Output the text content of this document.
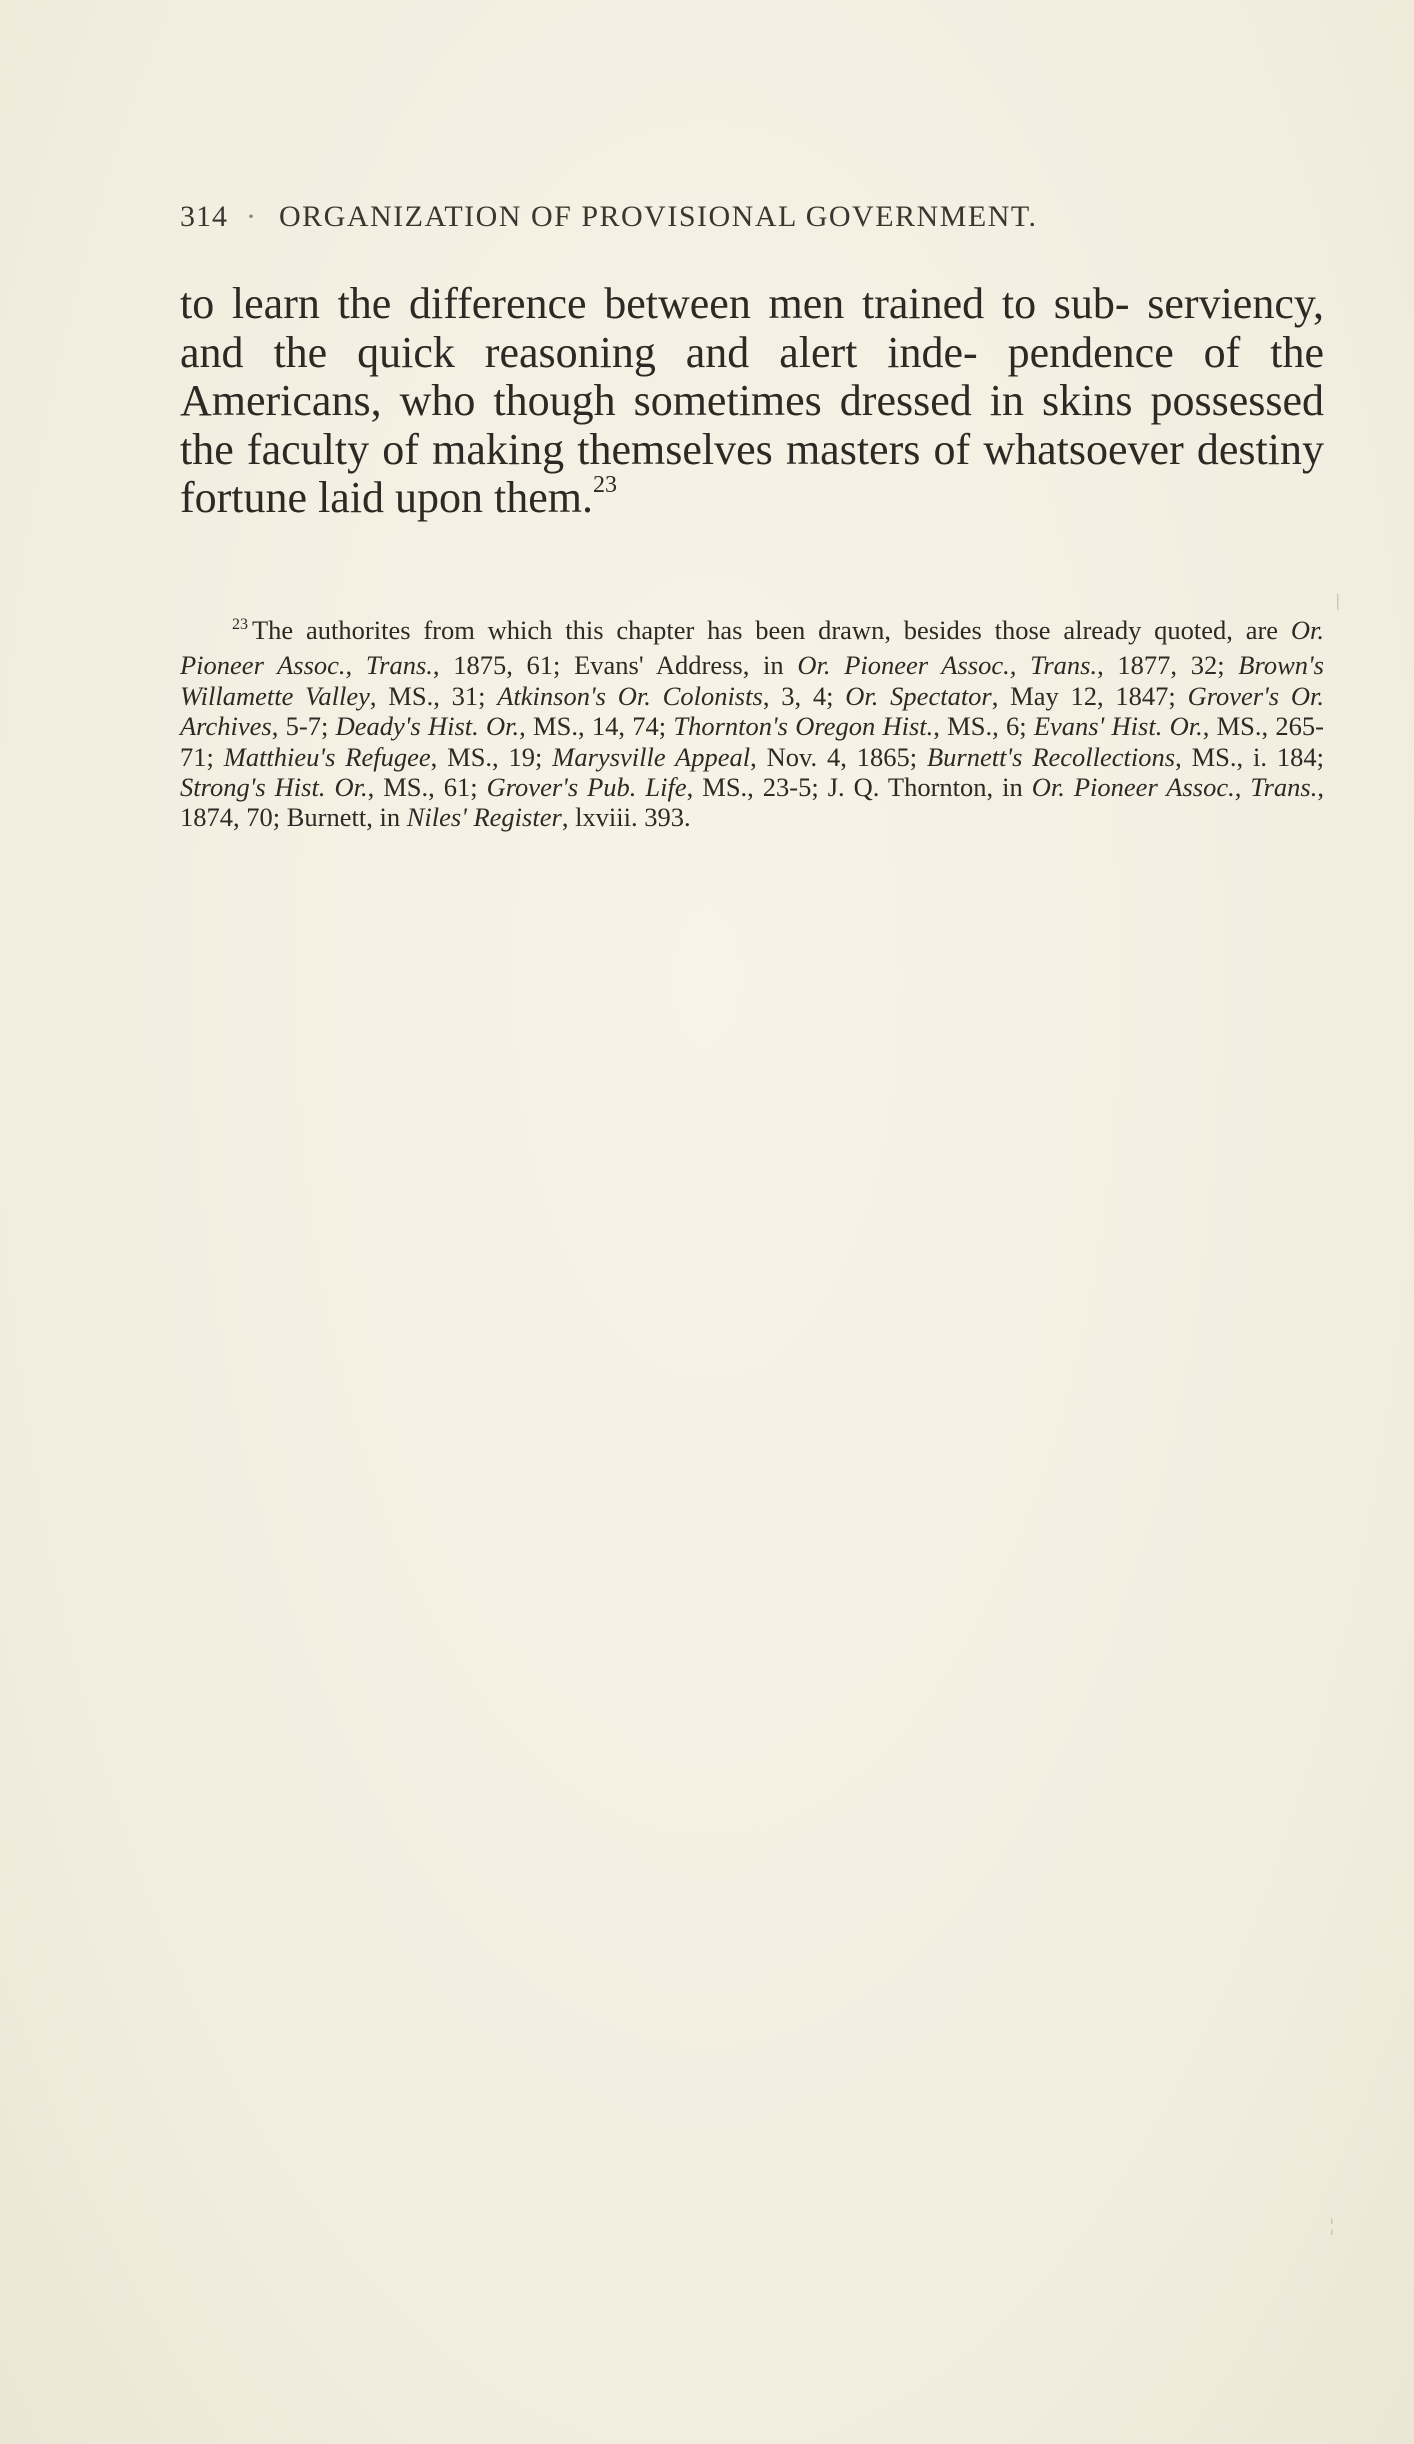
314 · ORGANIZATION OF PROVISIONAL GOVERNMENT.
to learn the difference between men trained to sub- serviency, and the quick reasoning and alert inde- pendence of the Americans, who though sometimes dressed in skins possessed the faculty of making themselves masters of whatsoever destiny fortune laid upon them.$^{23}$
$^{23}$ The authorites from which this chapter has been drawn, besides those already quoted, are Or. Pioneer Assoc., Trans., 1875, 61; Evans' Address, in Or. Pioneer Assoc., Trans., 1877, 32; Brown's Willamette Valley, MS., 31; Atkinson's Or. Colonists, 3, 4; Or. Spectator, May 12, 1847; Grover's Or. Archives, 5-7; Deady's Hist. Or., MS., 14, 74; Thornton's Oregon Hist., MS., 6; Evans' Hist. Or., MS., 265-71; Matthieu's Refugee, MS., 19; Marysville Appeal, Nov. 4, 1865; Burnett's Recollections, MS., i. 184; Strong's Hist. Or., MS., 61; Grover's Pub. Life, MS., 23-5; J. Q. Thornton, in Or. Pioneer Assoc., Trans., 1874, 70; Burnett, in Niles' Register, lxviii. 393.
|
¦
